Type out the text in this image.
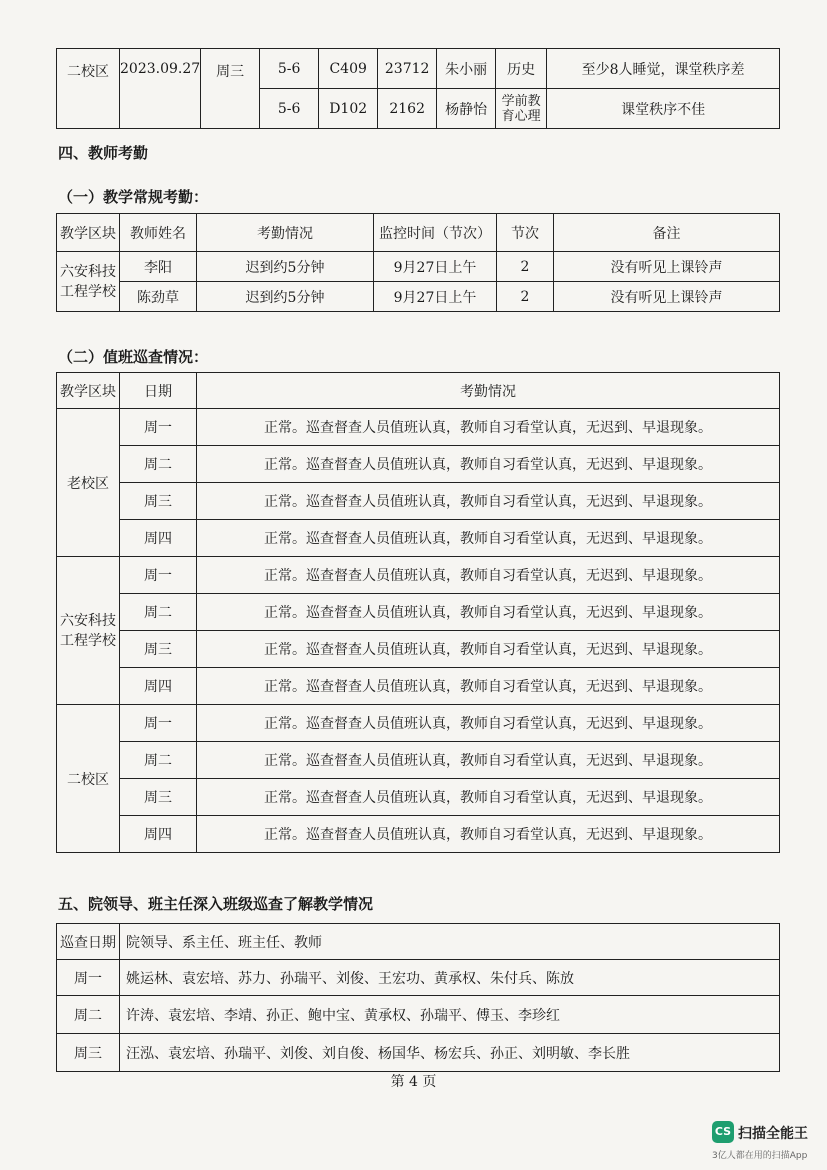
二校区	2023.09.27	周三	5-6	C409	23712	朱小丽	历史	至少8人睡觉，课堂秩序差
			5-6	D102	2162	杨静怡	学前教育心理	课堂秩序不佳
四、教师考勤
（一）教学常规考勤：
教学区块	教师姓名	考勤情况	监控时间（节次）	节次	备注
六安科技工程学校	李阳	迟到约5分钟	9月27日上午	2	没有听见上课铃声
	陈劲草	迟到约5分钟	9月27日上午	2	没有听见上课铃声
（二）值班巡查情况：
教学区块	日期	考勤情况
老校区	周一	正常。巡查督查人员值班认真，教师自习看堂认真，无迟到、早退现象。
	周二	正常。巡查督查人员值班认真，教师自习看堂认真，无迟到、早退现象。
	周三	正常。巡查督查人员值班认真，教师自习看堂认真，无迟到、早退现象。
	周四	正常。巡查督查人员值班认真，教师自习看堂认真，无迟到、早退现象。
六安科技工程学校	周一	正常。巡查督查人员值班认真，教师自习看堂认真，无迟到、早退现象。
	周二	正常。巡查督查人员值班认真，教师自习看堂认真，无迟到、早退现象。
	周三	正常。巡查督查人员值班认真，教师自习看堂认真，无迟到、早退现象。
	周四	正常。巡查督查人员值班认真，教师自习看堂认真，无迟到、早退现象。
二校区	周一	正常。巡查督查人员值班认真，教师自习看堂认真，无迟到、早退现象。
	周二	正常。巡查督查人员值班认真，教师自习看堂认真，无迟到、早退现象。
	周三	正常。巡查督查人员值班认真，教师自习看堂认真，无迟到、早退现象。
	周四	正常。巡查督查人员值班认真，教师自习看堂认真，无迟到、早退现象。
五、院领导、班主任深入班级巡查了解教学情况
巡查日期	院领导、系主任、班主任、教师
周一	姚运林、袁宏培、苏力、孙瑞平、刘俊、王宏功、黄承权、朱付兵、陈放
周二	许涛、袁宏培、李靖、孙正、鲍中宝、黄承权、孙瑞平、傅玉、李珍红
周三	汪泓、袁宏培、孙瑞平、刘俊、刘自俊、杨国华、杨宏兵、孙正、刘明敏、李长胜
第 4 页
CS 扫描全能王
3亿人都在用的扫描App
